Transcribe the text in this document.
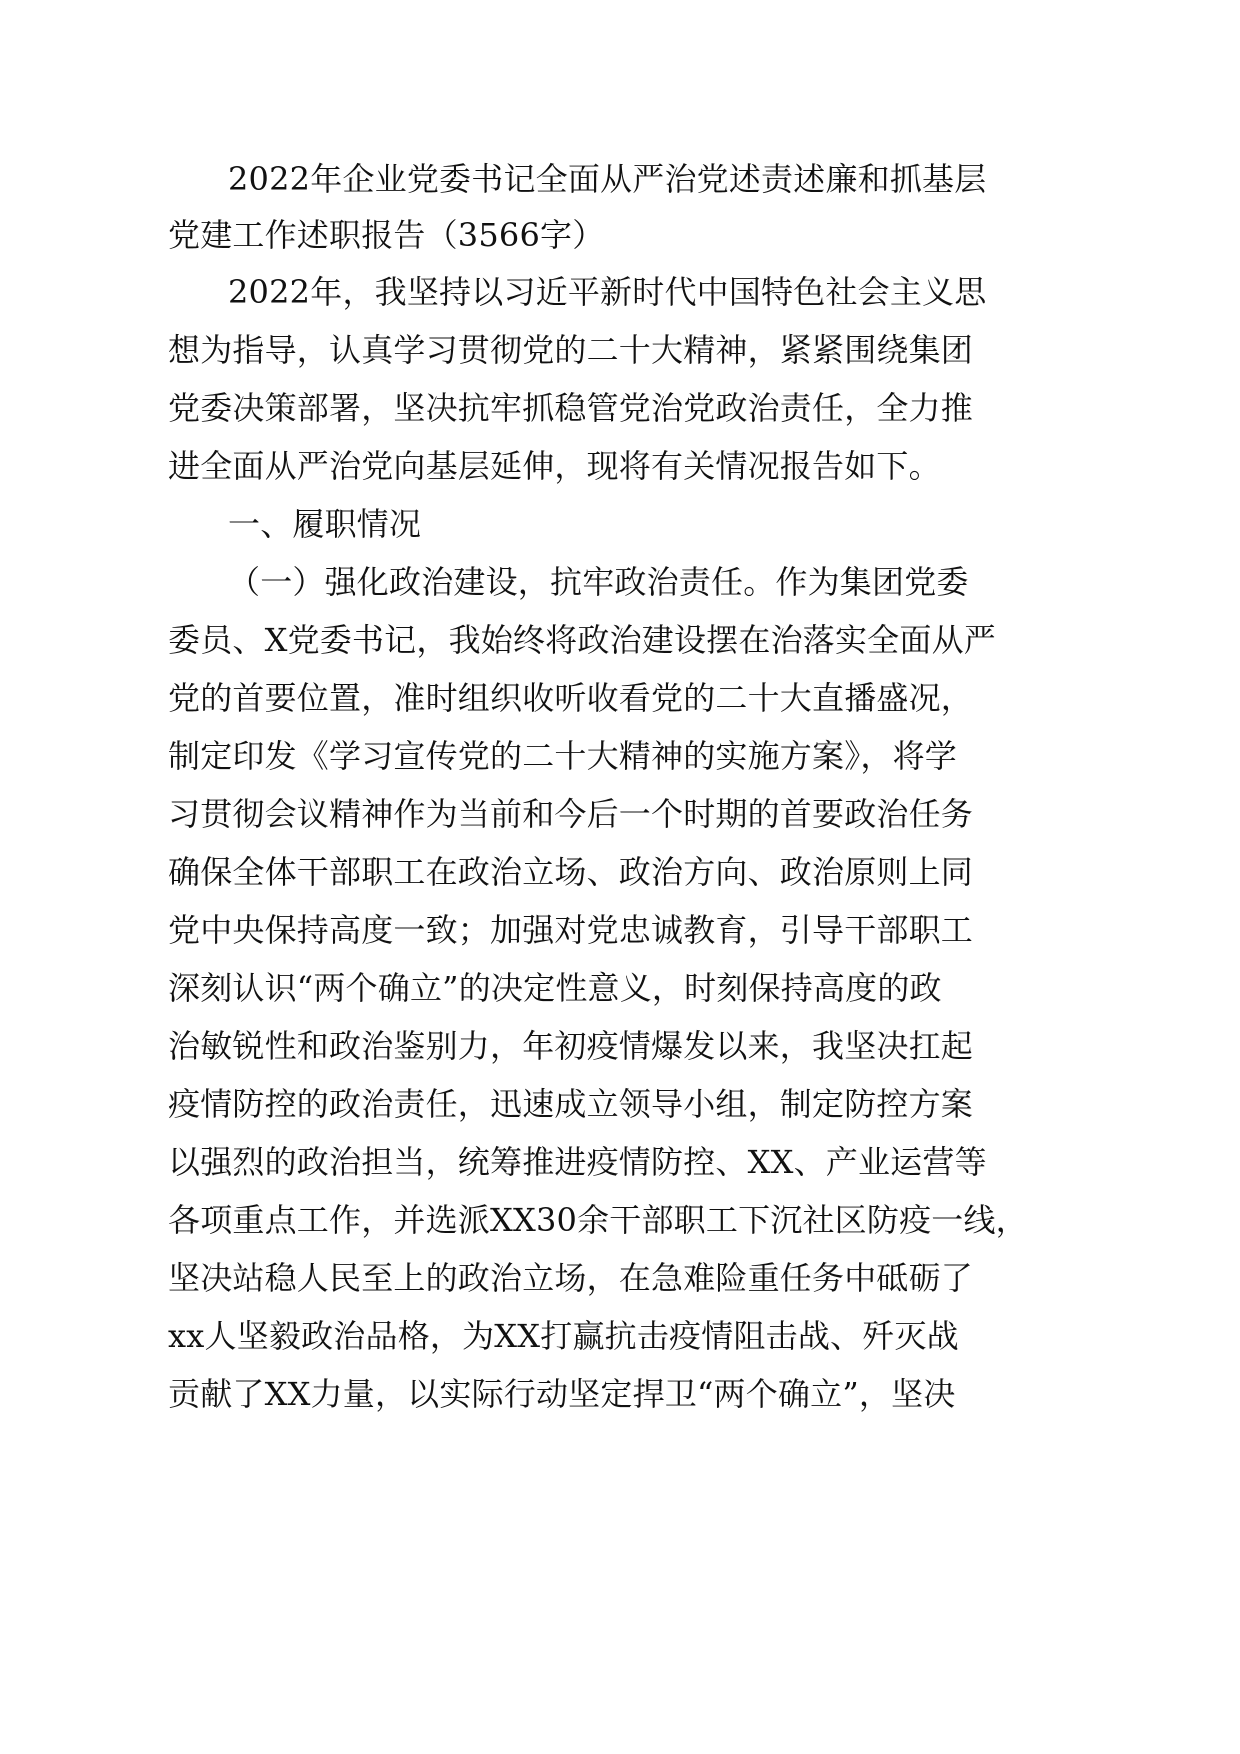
2022年企业党委书记全面从严治党述责述廉和抓基层
党建工作述职报告（3566字）
2022年，我坚持以习近平新时代中国特色社会主义思
想为指导，认真学习贯彻党的二十大精神，紧紧围绕集团
党委决策部署，坚决抗牢抓稳管党治党政治责任，全力推
进全面从严治党向基层延伸，现将有关情况报告如下。
一、履职情况
（一）强化政治建设，抗牢政治责任。作为集团党委
委员、X党委书记，我始终将政治建设摆在治落实全面从严
党的首要位置，准时组织收听收看党的二十大直播盛况，
制定印发《学习宣传党的二十大精神的实施方案》，将学
习贯彻会议精神作为当前和今后一个时期的首要政治任务
确保全体干部职工在政治立场、政治方向、政治原则上同
党中央保持高度一致；加强对党忠诚教育，引导干部职工
深刻认识“两个确立”的决定性意义，时刻保持高度的政
治敏锐性和政治鉴别力，年初疫情爆发以来，我坚决扛起
疫情防控的政治责任，迅速成立领导小组，制定防控方案
以强烈的政治担当，统筹推进疫情防控、XX、产业运营等
各项重点工作，并选派XX30余干部职工下沉社区防疫一线，
坚决站稳人民至上的政治立场，在急难险重任务中砥砺了
xx人坚毅政治品格，为XX打赢抗击疫情阻击战、歼灭战
贡献了XX力量，以实际行动坚定捍卫“两个确立”，坚决
